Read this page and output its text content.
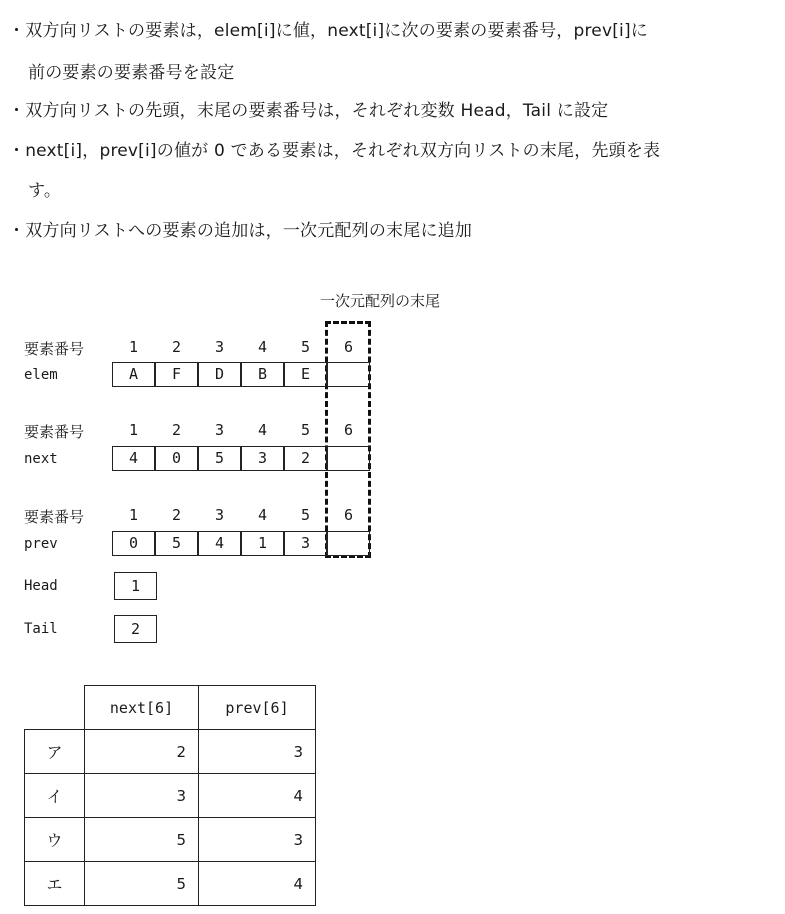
・双方向リストの要素は，elem[i]に値，next[i]に次の要素の要素番号，prev[i]に
前の要素の要素番号を設定
・双方向リストの先頭，末尾の要素番号は，それぞれ変数 Head，Tail に設定
・next[i]，prev[i]の値が 0 である要素は，それぞれ双方向リストの末尾，先頭を表
す。
・双方向リストへの要素の追加は，一次元配列の末尾に追加
一次元配列の末尾
要素番号	1	2	3	4	5	6
elem	A	F	D	B	E
要素番号	1	2	3	4	5	6
next	4	0	5	3	2
要素番号	1	2	3	4	5	6
prev	0	5	4	1	3
Head	1
Tail	2
	next[6]	prev[6]
ア	2	3
イ	3	4
ウ	5	3
エ	5	4
